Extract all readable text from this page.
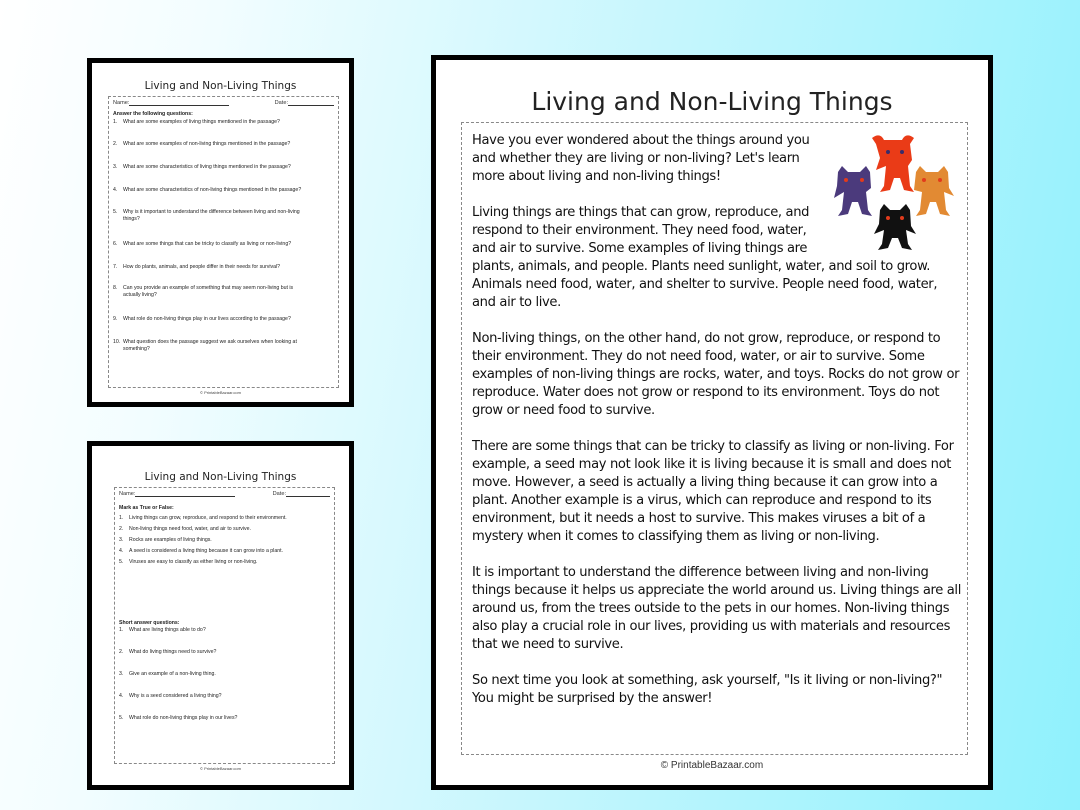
Living and Non-Living Things
Name:	Date:
Answer the following questions:
1.	What are some examples of living things mentioned in the passage?
2.	What are some examples of non-living things mentioned in the passage?
3.	What are some characteristics of living things mentioned in the passage?
4.	What are some characteristics of non-living things mentioned in the passage?
5.	Why is it important to understand the difference between living and non-living
things?
6.	What are some things that can be tricky to classify as living or non-living?
7.	How do plants, animals, and people differ in their needs for survival?
8.	Can you provide an example of something that may seem non-living but is
actually living?
9.	What role do non-living things play in our lives according to the passage?
10. What question does the passage suggest we ask ourselves when looking at
something?
© PrintableBazaar.com
Living and Non-Living Things
Name:	Date:
Mark as True or False:
1.	Living things can grow, reproduce, and respond to their environment.
2.	Non-living things need food, water, and air to survive.
3.	Rocks are examples of living things.
4.	A seed is considered a living thing because it can grow into a plant.
5.	Viruses are easy to classify as either living or non-living.
Short answer questions:
1.	What are living things able to do?
2.	What do living things need to survive?
3.	Give an example of a non-living thing.
4.	Why is a seed considered a living thing?
5.	What role do non-living things play in our lives?
© PrintableBazaar.com
Living and Non-Living Things

Have you ever wondered about the things around you
and whether they are living or non-living? Let's learn
more about living and non-living things!

Living things are things that can grow, reproduce, and
respond to their environment. They need food, water,
and air to survive. Some examples of living things are
plants, animals, and people. Plants need sunlight, water, and soil to grow.
Animals need food, water, and shelter to survive. People need food, water,
and air to live.

Non-living things, on the other hand, do not grow, reproduce, or respond to
their environment. They do not need food, water, or air to survive. Some
examples of non-living things are rocks, water, and toys. Rocks do not grow or
reproduce. Water does not grow or respond to its environment. Toys do not
grow or need food to survive.

There are some things that can be tricky to classify as living or non-living. For
example, a seed may not look like it is living because it is small and does not
move. However, a seed is actually a living thing because it can grow into a
plant. Another example is a virus, which can reproduce and respond to its
environment, but it needs a host to survive. This makes viruses a bit of a
mystery when it comes to classifying them as living or non-living.

It is important to understand the difference between living and non-living
things because it helps us appreciate the world around us. Living things are all
around us, from the trees outside to the pets in our homes. Non-living things
also play a crucial role in our lives, providing us with materials and resources
that we need to survive.

So next time you look at something, ask yourself, "Is it living or non-living?"
You might be surprised by the answer!

© PrintableBazaar.com
